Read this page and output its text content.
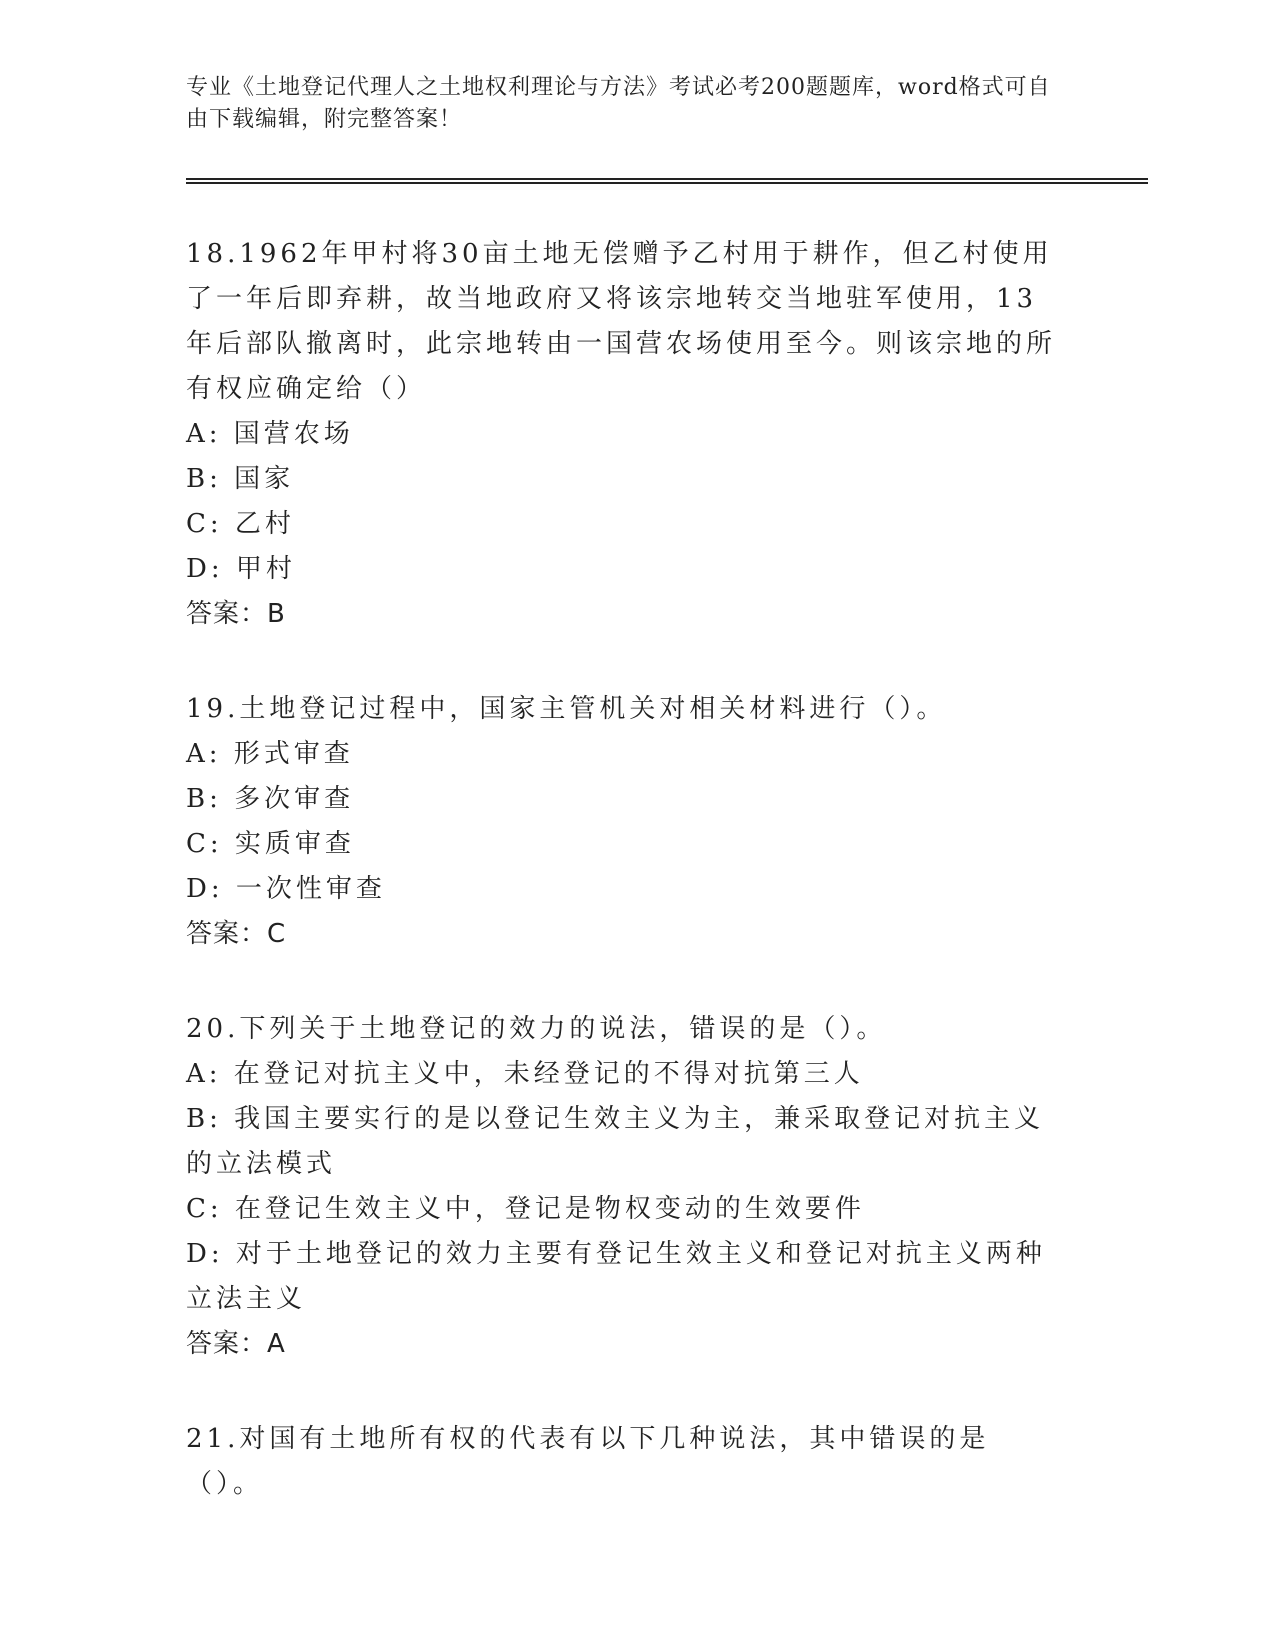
专业《土地登记代理人之土地权利理论与方法》考试必考200题题库，word格式可自由下载编辑，附完整答案！

18.1962年甲村将30亩土地无偿赠予乙村用于耕作，但乙村使用了一年后即弃耕，故当地政府又将该宗地转交当地驻军使用，13年后部队撤离时，此宗地转由一国营农场使用至今。则该宗地的所有权应确定给（）

A: 国营农场

B: 国家

C: 乙村

D: 甲村

答案：B

19.土地登记过程中，国家主管机关对相关材料进行（）。

A: 形式审查

B: 多次审查

C: 实质审查

D: 一次性审查

答案：C

20.下列关于土地登记的效力的说法，错误的是（）。

A: 在登记对抗主义中，未经登记的不得对抗第三人

B: 我国主要实行的是以登记生效主义为主，兼采取登记对抗主义的立法模式

C: 在登记生效主义中，登记是物权变动的生效要件

D: 对于土地登记的效力主要有登记生效主义和登记对抗主义两种立法主义

答案：A

21.对国有土地所有权的代表有以下几种说法，其中错误的是（）。
